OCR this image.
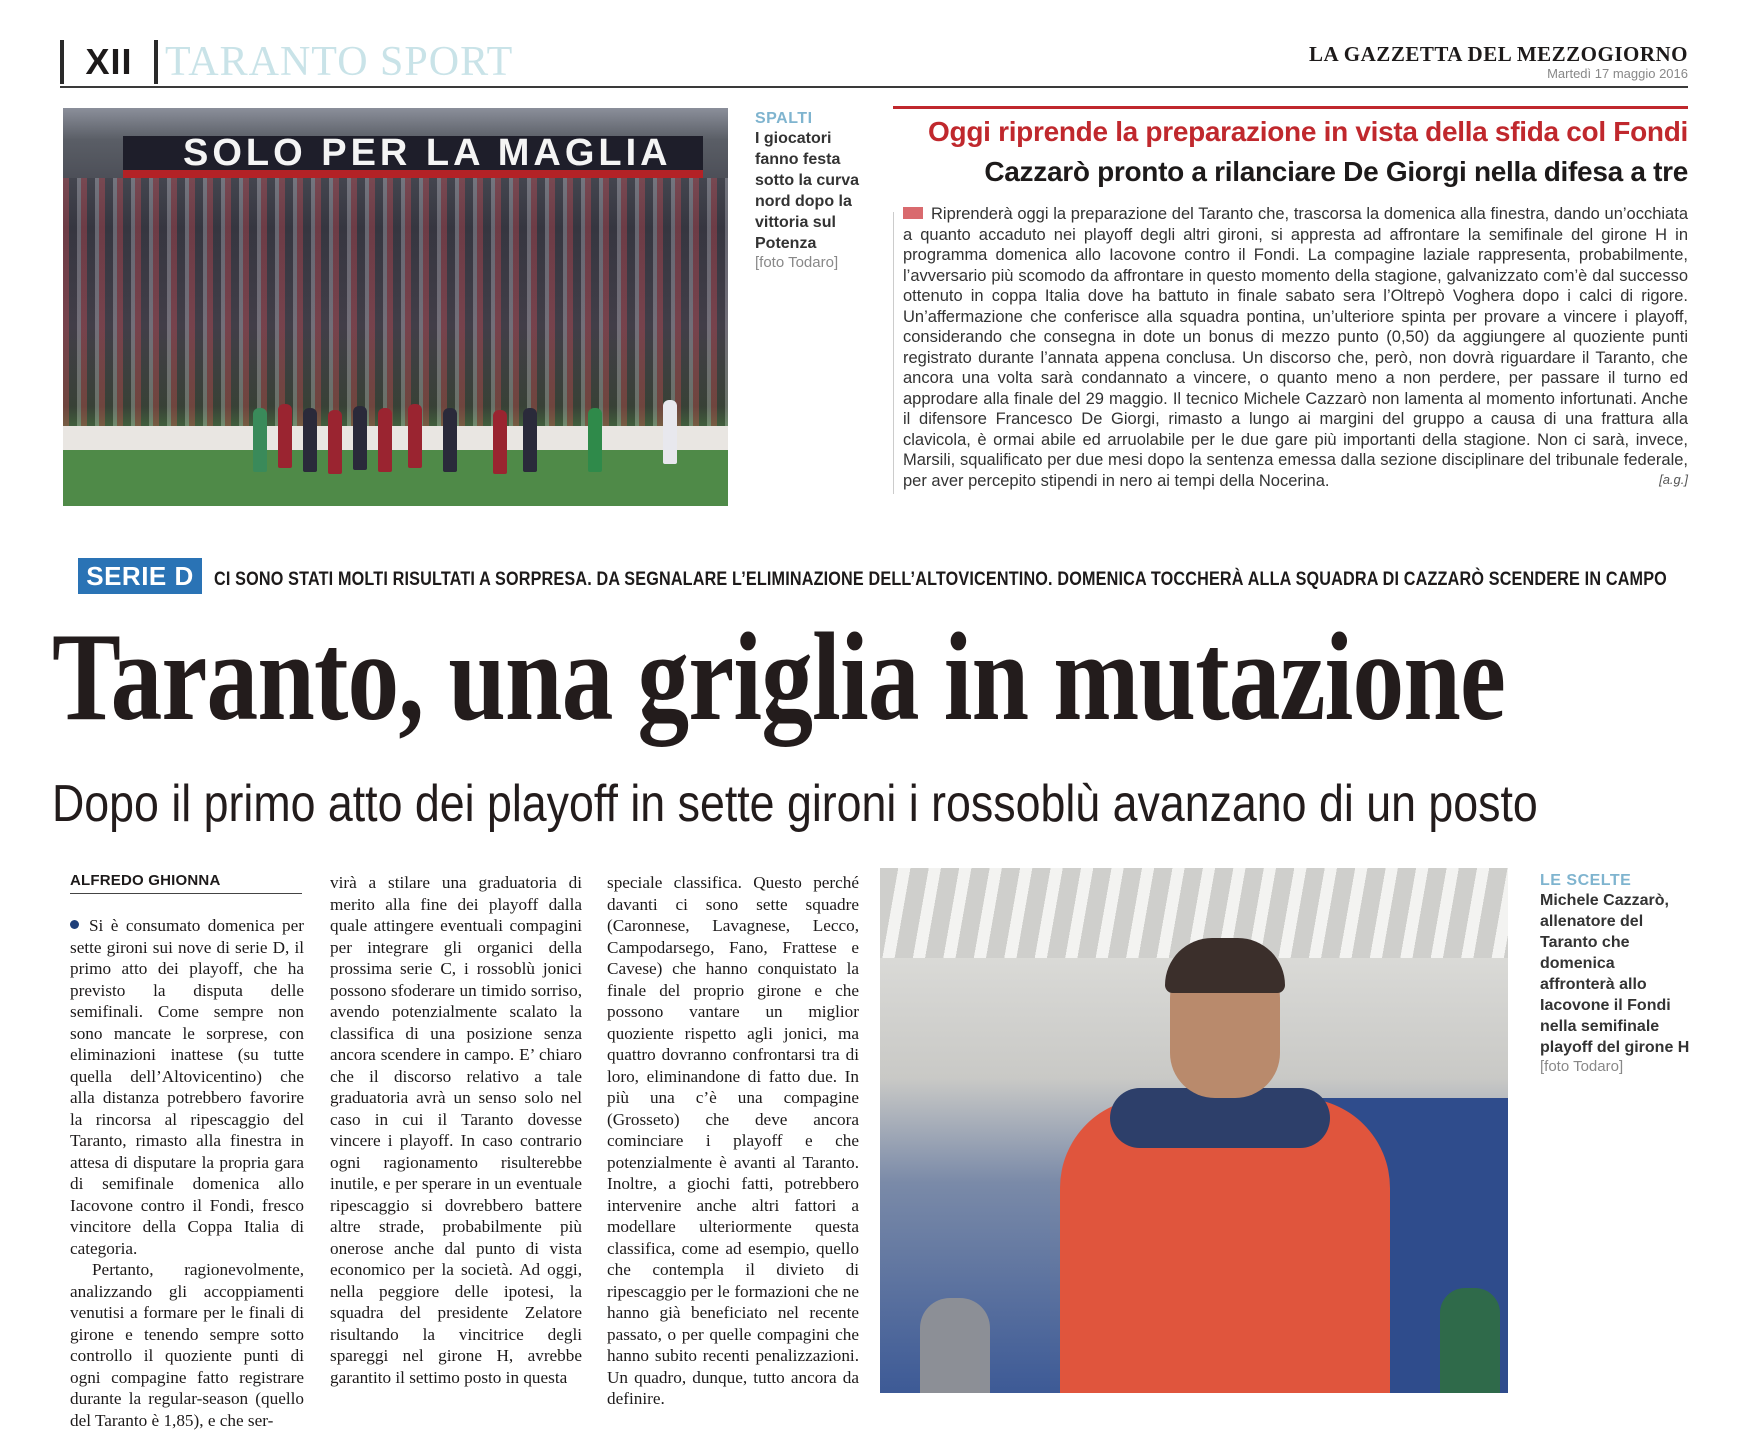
XII TARANTO SPORT	LA GAZZETTA DEL MEZZOGIORNO
Martedì 17 maggio 2016
SOLO PER LA MAGLIA
SPALTI
I giocatori fanno festa sotto la curva nord dopo la vittoria sul Potenza
[foto Todaro]
Oggi riprende la preparazione in vista della sfida col Fondi
Cazzarò pronto a rilanciare De Giorgi nella difesa a tre
Riprenderà oggi la preparazione del Taranto che, trascorsa la domenica alla finestra, dando un’occhiata a quanto accaduto nei playoff degli altri gironi, si appresta ad affrontare la semifinale del girone H in programma domenica allo Iacovone contro il Fondi. La compagine laziale rappresenta, probabilmente, l’avversario più scomodo da affrontare in questo momento della stagione, galvanizzato com’è dal successo ottenuto in coppa Italia dove ha battuto in finale sabato sera l’Oltrepò Voghera dopo i calci di rigore. Un’affermazione che conferisce alla squadra pontina, un’ulteriore spinta per provare a vincere i playoff, considerando che consegna in dote un bonus di mezzo punto (0,50) da aggiungere al quoziente punti registrato durante l’annata appena conclusa. Un discorso che, però, non dovrà riguardare il Taranto, che ancora una volta sarà condannato a vincere, o quanto meno a non perdere, per passare il turno ed approdare alla finale del 29 maggio. Il tecnico Michele Cazzarò non lamenta al momento infortunati. Anche il difensore Francesco De Giorgi, rimasto a lungo ai margini del gruppo a causa di una frattura alla clavicola, è ormai abile ed arruolabile per le due gare più importanti della stagione. Non ci sarà, invece, Marsili, squalificato per due mesi dopo la sentenza emessa dalla sezione disciplinare del tribunale federale, per aver percepito stipendi in nero ai tempi della Nocerina.	[a.g.]
SERIE D	CI SONO STATI MOLTI RISULTATI A SORPRESA. DA SEGNALARE L’ELIMINAZIONE DELL’ALTOVICENTINO. DOMENICA TOCCHERÀ ALLA SQUADRA DI CAZZARÒ SCENDERE IN CAMPO
Taranto, una griglia in mutazione
Dopo il primo atto dei playoff in sette gironi i rossoblù avanzano di un posto
ALFREDO GHIONNA

Si è consumato domenica per sette gironi sui nove di serie D, il primo atto dei playoff, che ha previsto la disputa delle semifinali. Come sempre non sono mancate le sorprese, con eliminazioni inattese (su tutte quella dell’Altovicentino) che alla distanza potrebbero favorire la rincorsa al ripescaggio del Taranto, rimasto alla finestra in attesa di disputare la propria gara di semifinale domenica allo Iacovone contro il Fondi, fresco vincitore della Coppa Italia di categoria.

Pertanto, ragionevolmente, analizzando gli accoppiamenti venutisi a formare per le finali di girone e tenendo sempre sotto controllo il quoziente punti di ogni compagine fatto registrare durante la regular-season (quello del Taranto è 1,85), e che ser-

virà a stilare una graduatoria di merito alla fine dei playoff dalla quale attingere eventuali compagini per integrare gli organici della prossima serie C, i rossoblù jonici possono sfoderare un timido sorriso, avendo potenzialmente scalato la classifica di una posizione senza ancora scendere in campo. E’ chiaro che il discorso relativo a tale graduatoria avrà un senso solo nel caso in cui il Taranto dovesse vincere i playoff. In caso contrario ogni ragionamento risulterebbe inutile, e per sperare in un eventuale ripescaggio si dovrebbero battere altre strade, probabilmente più onerose anche dal punto di vista economico per la società. Ad oggi, nella peggiore delle ipotesi, la squadra del presidente Zelatore risultando la vincitrice degli spareggi nel girone H, avrebbe garantito il settimo posto in questa

speciale classifica. Questo perché davanti ci sono sette squadre (Caronnese, Lavagnese, Lecco, Campodarsego, Fano, Frattese e Cavese) che hanno conquistato la finale del proprio girone e che possono vantare un miglior quoziente rispetto agli jonici, ma quattro dovranno confrontarsi tra di loro, eliminandone di fatto due. In più una c’è una compagine (Grosseto) che deve ancora cominciare i playoff e che potenzialmente è avanti al Taranto. Inoltre, a giochi fatti, potrebbero intervenire anche altri fattori a modellare ulteriormente questa classifica, come ad esempio, quello che contempla il divieto di ripescaggio per le formazioni che ne hanno già beneficiato nel recente passato, o per quelle compagini che hanno subito recenti penalizzazioni. Un quadro, dunque, tutto ancora da definire.

LE SCELTE
Michele Cazzarò, allenatore del Taranto che domenica affronterà allo Iacovone il Fondi nella semifinale playoff del girone H
[foto Todaro]
